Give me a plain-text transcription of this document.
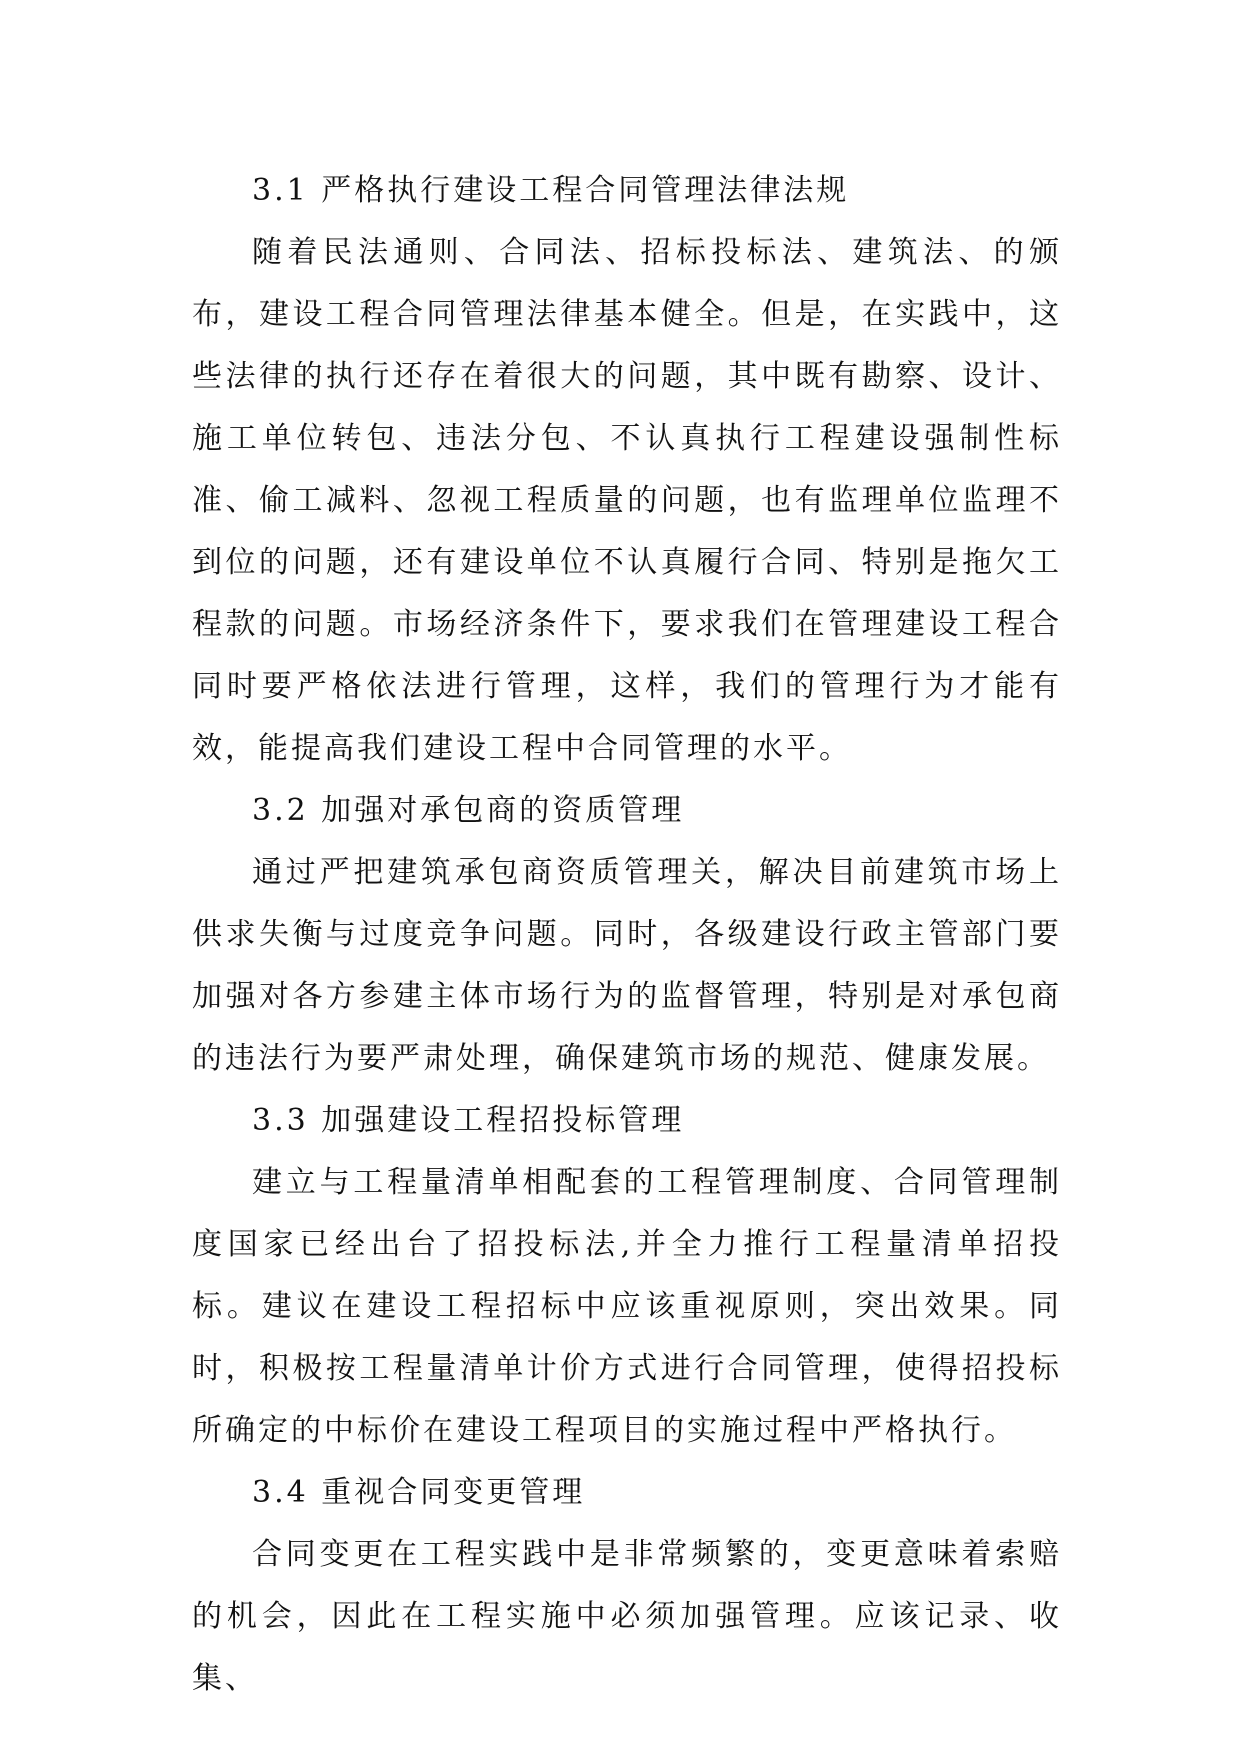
3.1 严格执行建设工程合同管理法律法规

随着民法通则、合同法、招标投标法、建筑法、的颁布，建设工程合同管理法律基本健全。但是，在实践中，这些法律的执行还存在着很大的问题，其中既有勘察、设计、施工单位转包、违法分包、不认真执行工程建设强制性标准、偷工减料、忽视工程质量的问题，也有监理单位监理不到位的问题，还有建设单位不认真履行合同、特别是拖欠工程款的问题。市场经济条件下，要求我们在管理建设工程合同时要严格依法进行管理，这样，我们的管理行为才能有效，能提高我们建设工程中合同管理的水平。

3.2 加强对承包商的资质管理

通过严把建筑承包商资质管理关，解决目前建筑市场上供求失衡与过度竞争问题。同时，各级建设行政主管部门要加强对各方参建主体市场行为的监督管理，特别是对承包商的违法行为要严肃处理，确保建筑市场的规范、健康发展。

3.3 加强建设工程招投标管理

建立与工程量清单相配套的工程管理制度、合同管理制度国家已经出台了招投标法,并全力推行工程量清单招投标。建议在建设工程招标中应该重视原则，突出效果。同时，积极按工程量清单计价方式进行合同管理，使得招投标所确定的中标价在建设工程项目的实施过程中严格执行。

3.4 重视合同变更管理

合同变更在工程实践中是非常频繁的，变更意味着索赔的机会，因此在工程实施中必须加强管理。应该记录、收集、
